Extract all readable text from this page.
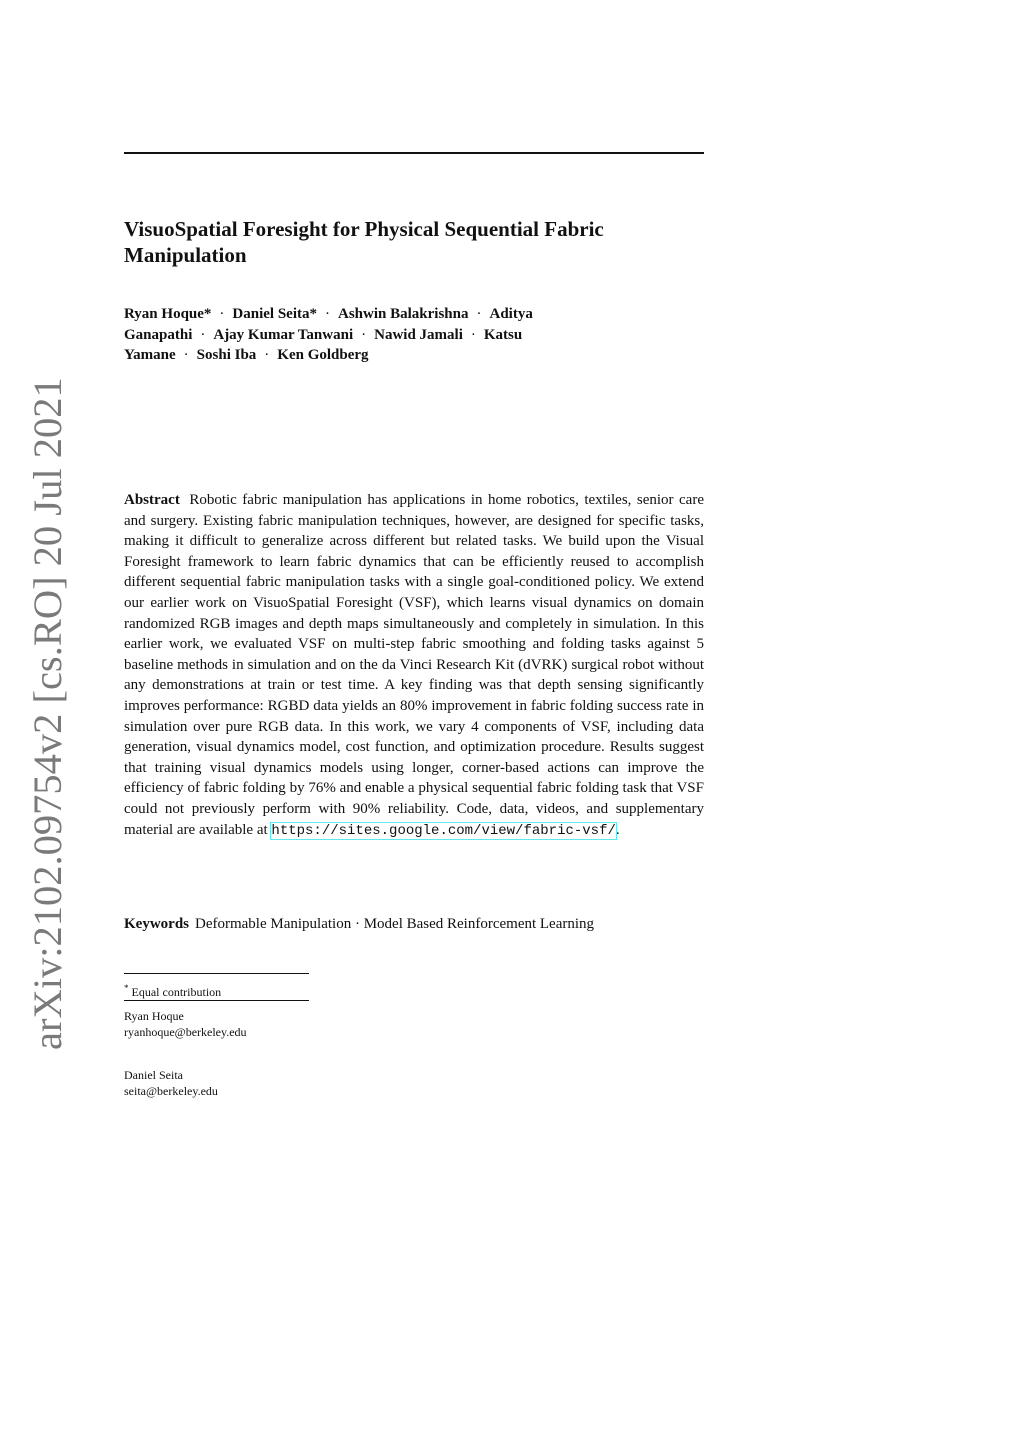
arXiv:2102.09754v2 [cs.RO] 20 Jul 2021
VisuoSpatial Foresight for Physical Sequential Fabric Manipulation
Ryan Hoque* · Daniel Seita* · Ashwin Balakrishna · Aditya Ganapathi · Ajay Kumar Tanwani · Nawid Jamali · Katsu Yamane · Soshi Iba · Ken Goldberg

Abstract Robotic fabric manipulation has applications in home robotics, textiles, senior care and surgery. Existing fabric manipulation techniques, however, are designed for specific tasks, making it difficult to generalize across different but related tasks. We build upon the Visual Foresight framework to learn fabric dynamics that can be efficiently reused to accomplish different sequential fabric manipulation tasks with a single goal-conditioned policy. We extend our earlier work on VisuoSpatial Foresight (VSF), which learns visual dynamics on domain randomized RGB images and depth maps simultaneously and completely in simulation. In this earlier work, we evaluated VSF on multi-step fabric smoothing and folding tasks against 5 baseline methods in simulation and on the da Vinci Research Kit (dVRK) surgical robot without any demonstrations at train or test time. A key finding was that depth sensing significantly improves performance: RGBD data yields an 80% improvement in fabric folding success rate in simulation over pure RGB data. In this work, we vary 4 components of VSF, including data generation, visual dynamics model, cost function, and optimization procedure. Results suggest that training visual dynamics models using longer, corner-based actions can improve the efficiency of fabric folding by 76% and enable a physical sequential fabric folding task that VSF could not previously perform with 90% reliability. Code, data, videos, and supplementary material are available at https://sites.google.com/view/fabric-vsf/.

Keywords Deformable Manipulation · Model Based Reinforcement Learning
* Equal contribution
Ryan Hoque
ryanhoque@berkeley.edu
Daniel Seita
seita@berkeley.edu
